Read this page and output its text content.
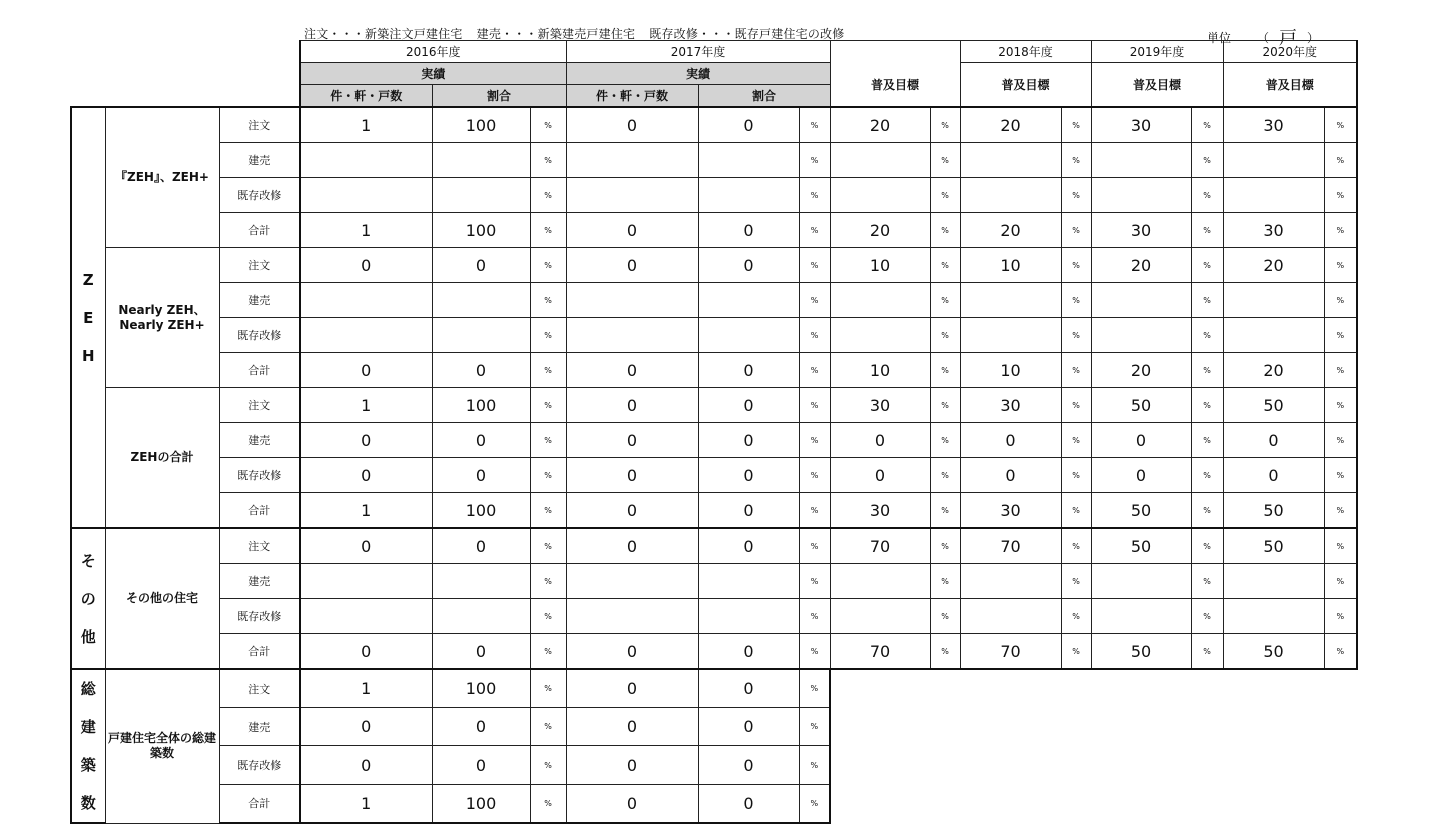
注文・・・新築注文戸建住宅 建売・・・新築建売戸建住宅 既存改修・・・既存戸建住宅の改修	単位 （ 戸 ）
			2016年度			2017年度					2018年度		2019年度		2020年度	
			実績			実績			普及目標		普及目標		普及目標		普及目標	
			件・軒・戸数	割合		件・軒・戸数	割合									

Z
E
H	『ZEH』、ZEH+	注文	1	100	%	0	0	%	20	%	20	%	30	%	30	%
		建売			%			%		%		%		%		%
		既存改修			%			%		%		%		%		%
		合計	1	100	%	0	0	%	20	%	20	%	30	%	30	%
	Nearly ZEH、Nearly ZEH+	注文	0	0	%	0	0	%	10	%	10	%	20	%	20	%
		建売			%			%		%		%		%		%
		既存改修			%			%		%		%		%		%
		合計	0	0	%	0	0	%	10	%	10	%	20	%	20	%
	ZEHの合計	注文	1	100	%	0	0	%	30	%	30	%	50	%	50	%
		建売	0	0	%	0	0	%	0	%	0	%	0	%	0	%
		既存改修	0	0	%	0	0	%	0	%	0	%	0	%	0	%
		合計	1	100	%	0	0	%	30	%	30	%	50	%	50	%

そ
の
他	その他の住宅	注文	0	0	%	0	0	%	70	%	70	%	50	%	50	%
		建売			%			%		%		%		%		%
		既存改修			%			%		%		%		%		%
		合計	0	0	%	0	0	%	70	%	70	%	50	%	50	%

総
建
築
数	戸建住宅全体の総建築数	注文	1	100	%	0	0	%								
		建売	0	0	%	0	0	%								
		既存改修	0	0	%	0	0	%								
		合計	1	100	%	0	0	%								
